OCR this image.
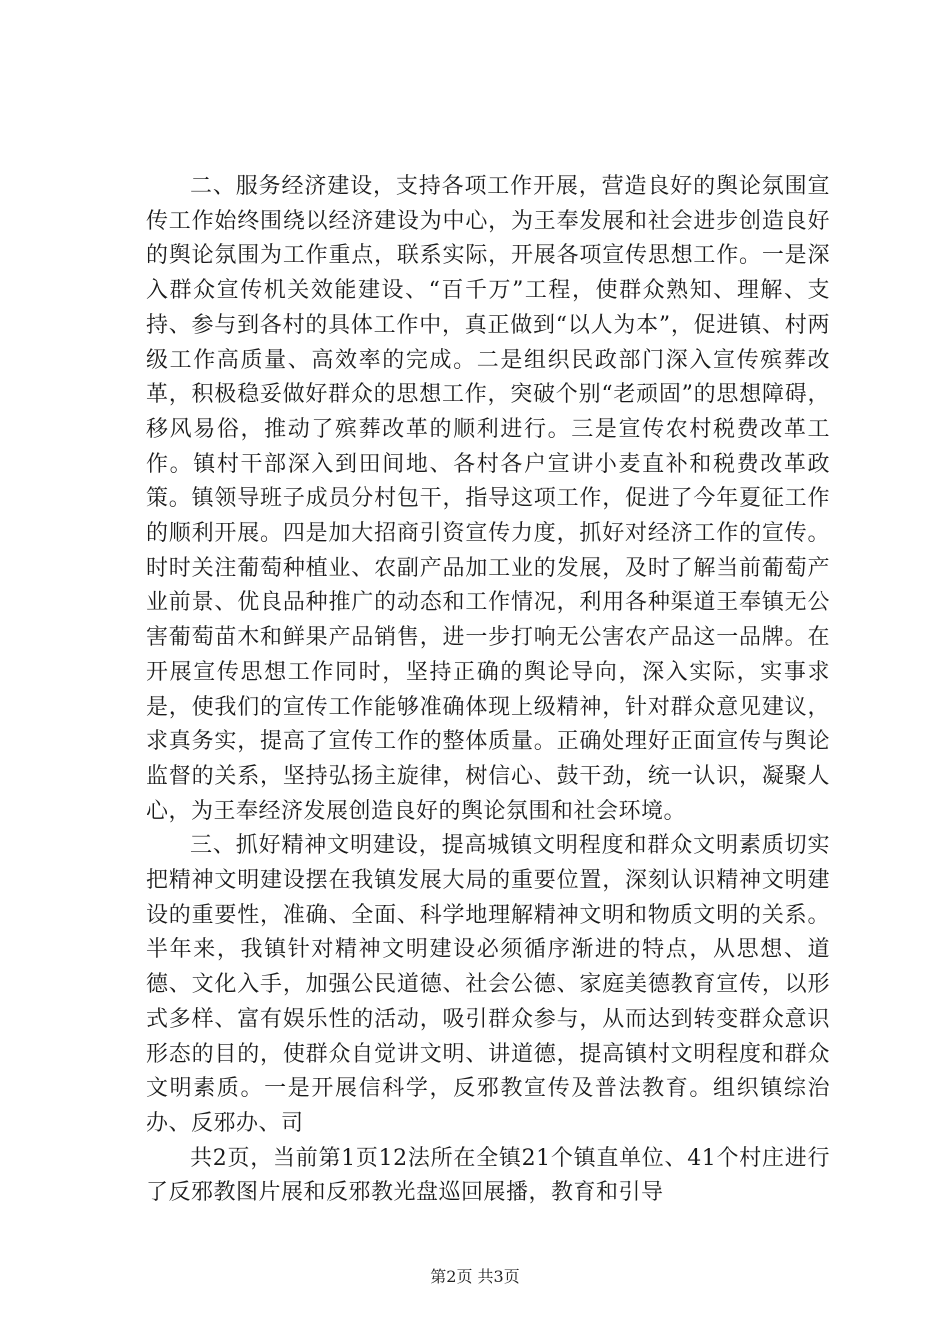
二、服务经济建设，支持各项工作开展，营造良好的舆论氛围宣传工作始终围绕以经济建设为中心，为王奉发展和社会进步创造良好的舆论氛围为工作重点，联系实际，开展各项宣传思想工作。一是深入群众宣传机关效能建设、“百千万”工程，使群众熟知、理解、支持、参与到各村的具体工作中，真正做到“以人为本”，促进镇、村两级工作高质量、高效率的完成。二是组织民政部门深入宣传殡葬改革，积极稳妥做好群众的思想工作，突破个别“老顽固”的思想障碍，移风易俗，推动了殡葬改革的顺利进行。三是宣传农村税费改革工作。镇村干部深入到田间地、各村各户宣讲小麦直补和税费改革政策。镇领导班子成员分村包干，指导这项工作，促进了今年夏征工作的顺利开展。四是加大招商引资宣传力度，抓好对经济工作的宣传。时时关注葡萄种植业、农副产品加工业的发展，及时了解当前葡萄产业前景、优良品种推广的动态和工作情况，利用各种渠道王奉镇无公害葡萄苗木和鲜果产品销售，进一步打响无公害农产品这一品牌。在开展宣传思想工作同时，坚持正确的舆论导向，深入实际，实事求是，使我们的宣传工作能够准确体现上级精神，针对群众意见建议，求真务实，提高了宣传工作的整体质量。正确处理好正面宣传与舆论监督的关系，坚持弘扬主旋律，树信心、鼓干劲，统一认识，凝聚人心，为王奉经济发展创造良好的舆论氛围和社会环境。

三、抓好精神文明建设，提高城镇文明程度和群众文明素质切实把精神文明建设摆在我镇发展大局的重要位置，深刻认识精神文明建设的重要性，准确、全面、科学地理解精神文明和物质文明的关系。半年来，我镇针对精神文明建设必须循序渐进的特点，从思想、道德、文化入手，加强公民道德、社会公德、家庭美德教育宣传，以形式多样、富有娱乐性的活动，吸引群众参与，从而达到转变群众意识形态的目的，使群众自觉讲文明、讲道德，提高镇村文明程度和群众文明素质。一是开展信科学，反邪教宣传及普法教育。组织镇综治办、反邪办、司

共2页，当前第1页12法所在全镇21个镇直单位、41个村庄进行了反邪教图片展和反邪教光盘巡回展播，教育和引导

第2页 共3页
